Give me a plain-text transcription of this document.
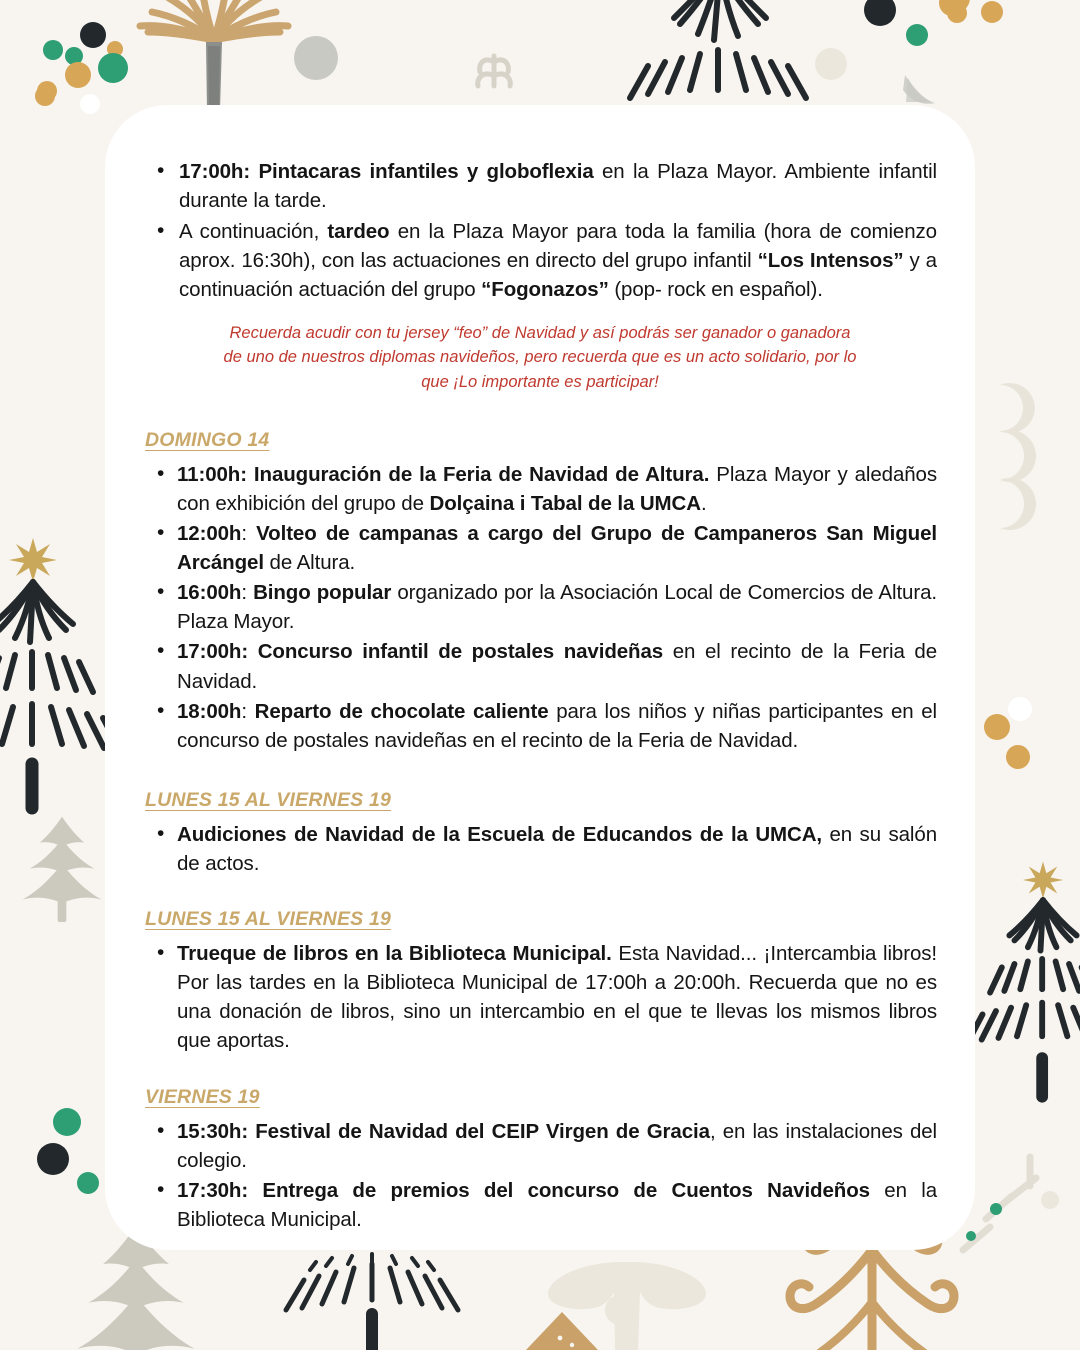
• 17:00h: Pintacaras infantiles y globoflexia en la Plaza Mayor. Ambiente infantil durante la tarde.
• A continuación, tardeo en la Plaza Mayor para toda la familia (hora de comienzo aprox. 16:30h), con las actuaciones en directo del grupo infantil “Los Intensos” y a continuación actuación del grupo “Fogonazos” (pop- rock en español).

Recuerda acudir con tu jersey “feo” de Navidad y así podrás ser ganador o ganadora de uno de nuestros diplomas navideños, pero recuerda que es un acto solidario, por lo que ¡Lo importante es participar!

DOMINGO 14
• 11:00h: Inauguración de la Feria de Navidad de Altura. Plaza Mayor y aledaños con exhibición del grupo de Dolçaina i Tabal de la UMCA.
• 12:00h: Volteo de campanas a cargo del Grupo de Campaneros San Miguel Arcángel de Altura.
• 16:00h: Bingo popular organizado por la Asociación Local de Comercios de Altura. Plaza Mayor.
• 17:00h: Concurso infantil de postales navideñas en el recinto de la Feria de Navidad.
• 18:00h: Reparto de chocolate caliente para los niños y niñas participantes en el concurso de postales navideñas en el recinto de la Feria de Navidad.
LUNES 15 AL VIERNES 19
• Audiciones de Navidad de la Escuela de Educandos de la UMCA, en su salón de actos.
LUNES 15 AL VIERNES 19
• Trueque de libros en la Biblioteca Municipal. Esta Navidad... ¡Intercambia libros! Por las tardes en la Biblioteca Municipal de 17:00h a 20:00h. Recuerda que no es una donación de libros, sino un intercambio en el que te llevas los mismos libros que aportas.
VIERNES 19
• 15:30h: Festival de Navidad del CEIP Virgen de Gracia, en las instalaciones del colegio.
• 17:30h: Entrega de premios del concurso de Cuentos Navideños en la Biblioteca Municipal.
